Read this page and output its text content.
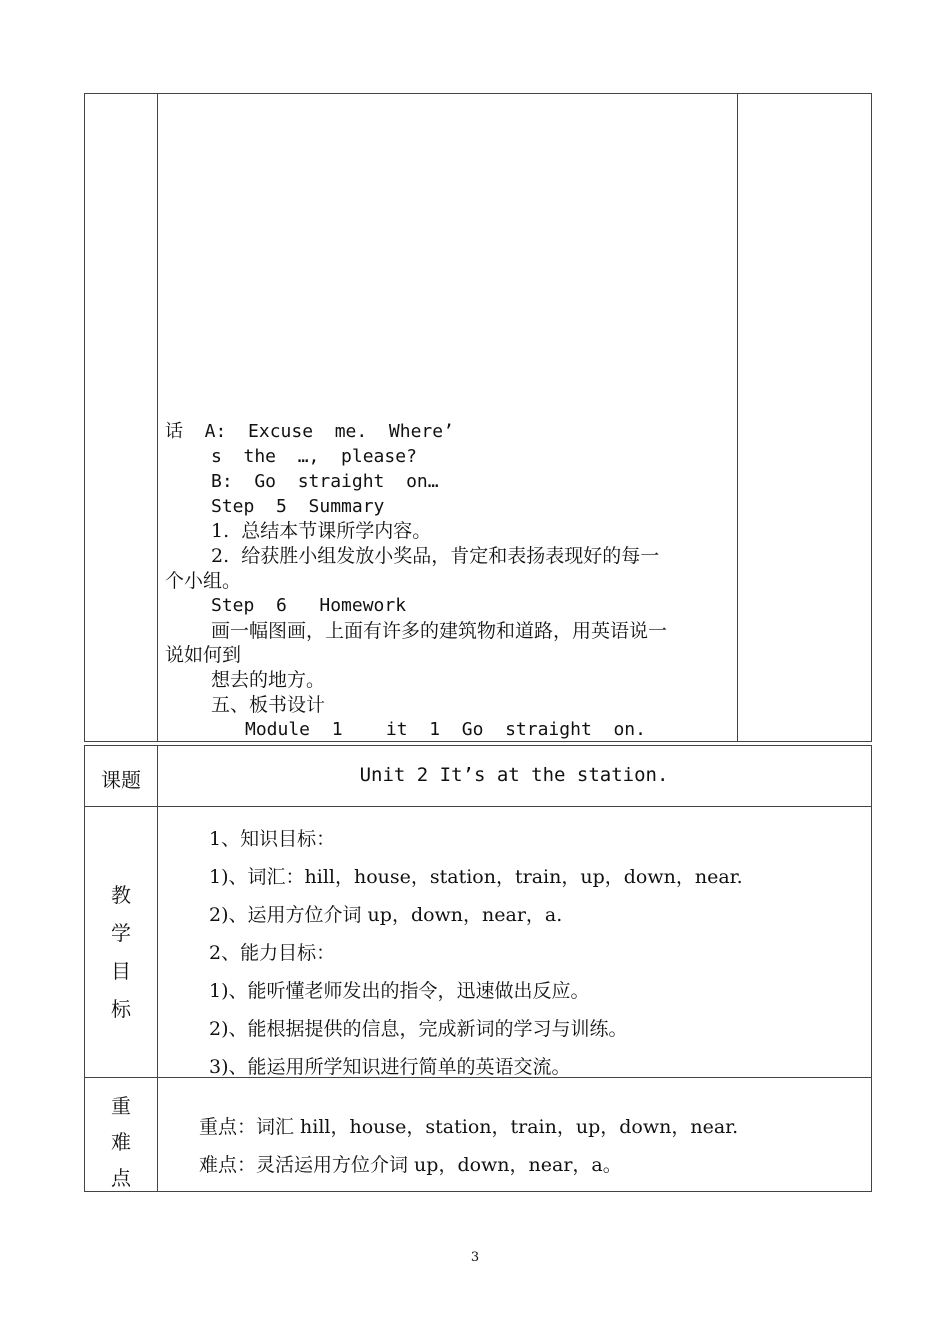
话  A:  Excuse  me.  Where’
s  the  …,  please?
B:  Go  straight  on…
Step  5  Summary
1.  总结本节课所学内容。
2.  给获胜小组发放小奖品，肯定和表扬表现好的每一
个小组。
Step  6   Homework
画一幅图画，上面有许多的建筑物和道路，用英语说一
说如何到
想去的地方。
五、板书设计
Module  1    it  1  Go  straight  on.
课题	Unit 2 It’s at the station.
教
学
目
标
1、知识目标：
1)、词汇：hill，house，station，train，up，down，near.
2)、运用方位介词 up，down，near，a.
2、能力目标：
1)、能听懂老师发出的指令，迅速做出反应。
2)、能根据提供的信息，完成新词的学习与训练。
3)、能运用所学知识进行简单的英语交流。
重
难
点
重点：词汇 hill，house，station，train，up，down，near.
难点：灵活运用方位介词 up，down，near，a。
3
